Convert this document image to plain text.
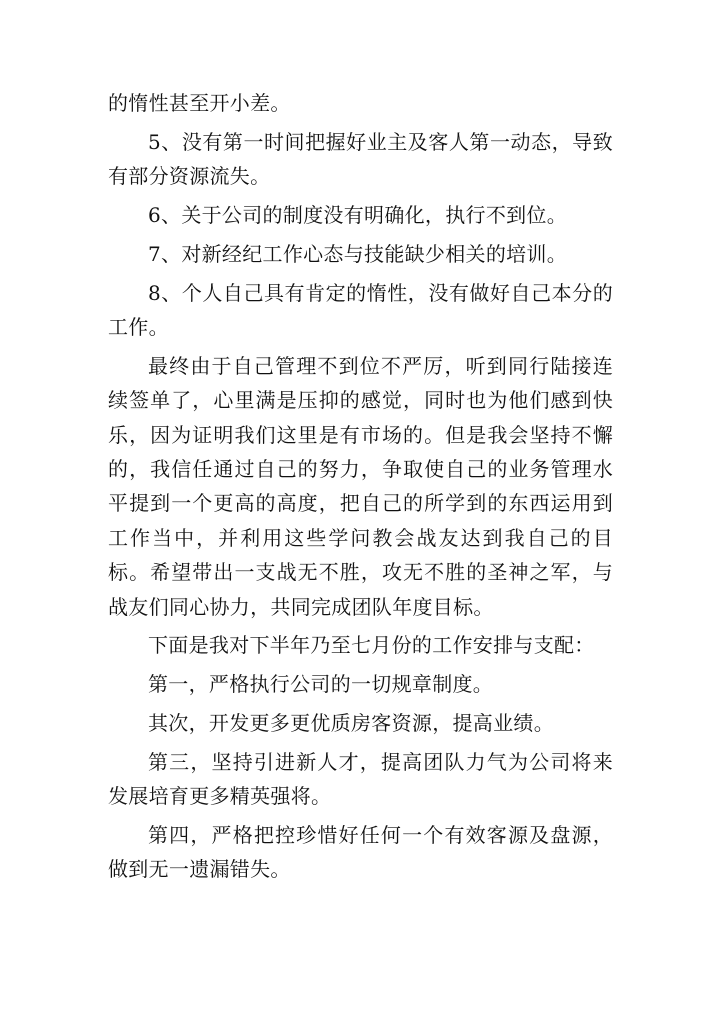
的惰性甚至开小差。

5、没有第一时间把握好业主及客人第一动态，导致有部分资源流失。

6、关于公司的制度没有明确化，执行不到位。

7、对新经纪工作心态与技能缺少相关的培训。

8、个人自己具有肯定的惰性，没有做好自己本分的工作。

最终由于自己管理不到位不严厉，听到同行陆接连续签单了，心里满是压抑的感觉，同时也为他们感到快乐，因为证明我们这里是有市场的。但是我会坚持不懈的，我信任通过自己的努力，争取使自己的业务管理水平提到一个更高的高度，把自己的所学到的东西运用到工作当中，并利用这些学问教会战友达到我自己的目标。希望带出一支战无不胜，攻无不胜的圣神之军，与战友们同心协力，共同完成团队年度目标。

下面是我对下半年乃至七月份的工作安排与支配：

第一，严格执行公司的一切规章制度。

其次，开发更多更优质房客资源，提高业绩。

第三，坚持引进新人才，提高团队力气为公司将来发展培育更多精英强将。

第四，严格把控珍惜好任何一个有效客源及盘源，做到无一遗漏错失。
